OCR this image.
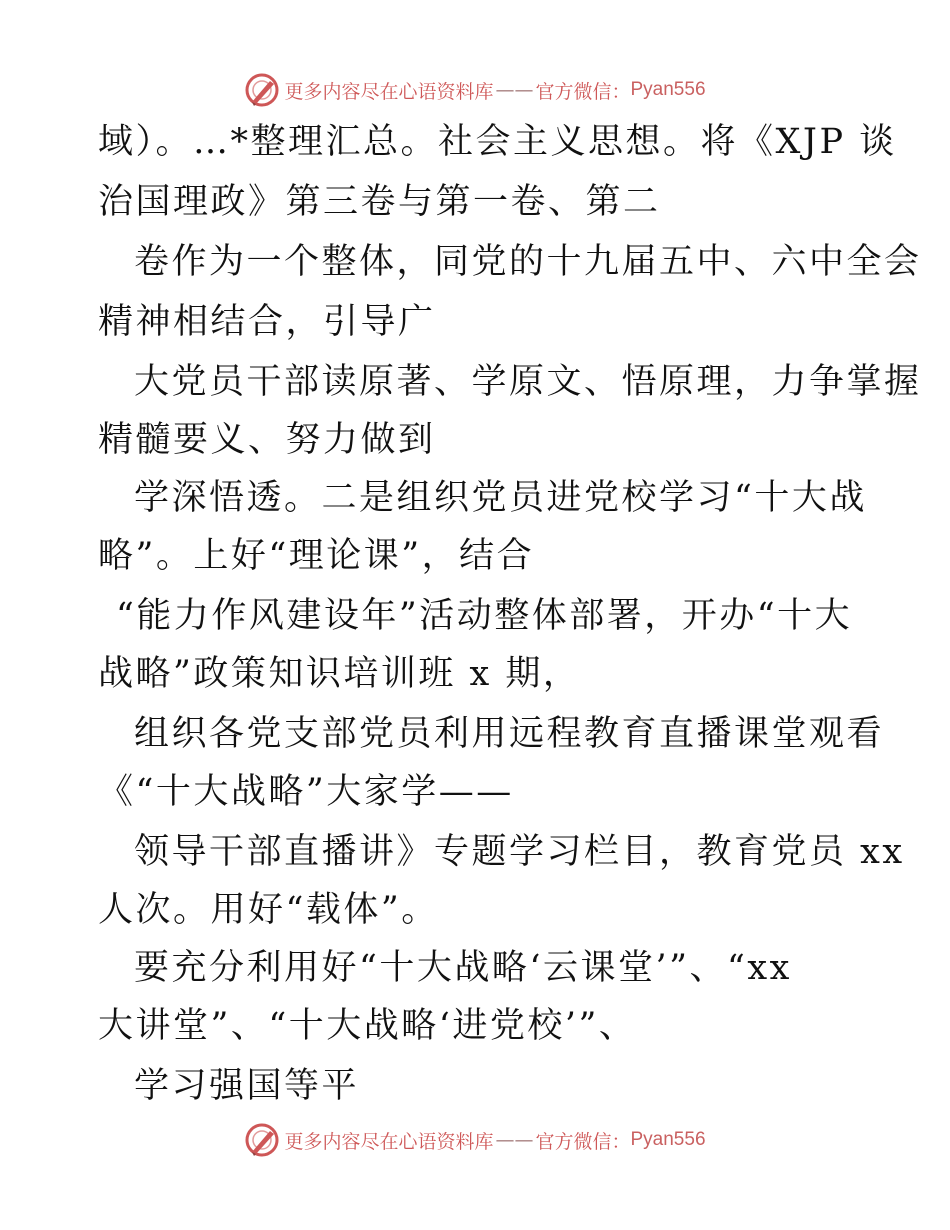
更多内容尽在心语资料库 —— 官方微信： Pyan556
域）。…*整理汇总。社会主义思想。将《XJP 谈
治国理政》第三卷与第一卷、第二
卷作为一个整体，同党的十九届五中、六中全会
精神相结合，引导广
大党员干部读原著、学原文、悟原理，力争掌握
精髓要义、努力做到
学深悟透。二是组织党员进党校学习“十大战
略”。上好“理论课”，结合
“能力作风建设年”活动整体部署，开办“十大
战略”政策知识培训班 x 期，
组织各党支部党员利用远程教育直播课堂观看
《“十大战略”大家学——
领导干部直播讲》专题学习栏目，教育党员 xx
人次。用好“载体”。
要充分利用好“十大战略‘云课堂’”、“xx
大讲堂”、“十大战略‘进党校’”、
学习强国等平
更多内容尽在心语资料库 —— 官方微信： Pyan556
